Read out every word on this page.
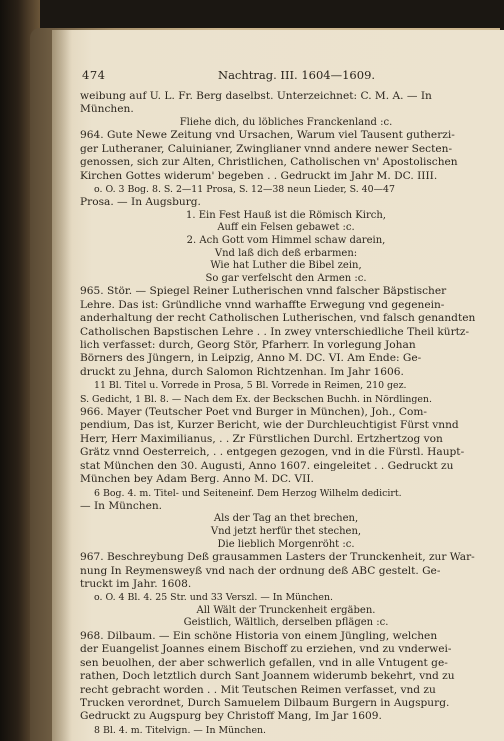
474	Nachtrag. III. 1604—1609.
weibung auf U. L. Fr. Berg daselbst. Unterzeichnet: C. M. A. — In
München.
Fliehe dich, du löbliches Franckenland :c.
964. Gute Newe Zeitung vnd Ursachen, Warum viel Tausent gutherzi-
ger Lutheraner, Caluinianer, Zwinglianer vnnd andere newer Secten-
genossen, sich zur Alten, Christlichen, Catholischen vn' Apostolischen
Kirchen Gottes widerum' begeben . . Gedruckt im Jahr M. DC. IIII.
o. O. 3 Bog. 8. S. 2—11 Prosa, S. 12—38 neun Lieder, S. 40—47
Prosa. — In Augsburg.
1. Ein Fest Hauß ist die Römisch Kirch,
Auff ein Felsen gebawet :c.
2. Ach Gott vom Himmel schaw darein,
Vnd laß dich deß erbarmen:
Wie hat Luther die Bibel zein,
So gar verfelscht den Armen :c.
965. Stör. — Spiegel Reiner Lutherischen vnnd falscher Bäpstischer
Lehre. Das ist: Gründliche vnnd warhaffte Erwegung vnd gegenein-
anderhaltung der recht Catholischen Lutherischen, vnd falsch genandten
Catholischen Bapstischen Lehre . . In zwey vnterschiedliche Theil kürtz-
lich verfasset: durch, Georg Stör, Pfarherr. In vorlegung Johan
Börners des Jüngern, in Leipzig, Anno M. DC. VI. Am Ende: Ge-
druckt zu Jehna, durch Salomon Richtzenhan. Im Jahr 1606.
11 Bl. Titel u. Vorrede in Prosa, 5 Bl. Vorrede in Reimen, 210 gez.
S. Gedicht, 1 Bl. 8. — Nach dem Ex. der Beckschen Buchh. in Nördlingen.
966. Mayer (Teutscher Poet vnd Burger in München), Joh., Com-
pendium, Das ist, Kurzer Bericht, wie der Durchleuchtigist Fürst vnnd
Herr, Herr Maximilianus, . . Zr Fürstlichen Durchl. Ertzhertzog von
Grätz vnnd Oesterreich, . . entgegen gezogen, vnd in die Fürstl. Haupt-
stat München den 30. Augusti, Anno 1607. eingeleitet . . Gedruckt zu
München bey Adam Berg. Anno M. DC. VII.
6 Bog. 4. m. Titel- und Seiteneinf. Dem Herzog Wilhelm dedicirt.
— In München.
Als der Tag an thet brechen,
Vnd jetzt herfür thet stechen,
Die lieblich Morgenröht :c.
967. Beschreybung Deß grausammen Lasters der Trunckenheit, zur War-
nung In Reymensweyß vnd nach der ordnung deß ABC gestelt. Ge-
truckt im Jahr. 1608.
o. O. 4 Bl. 4. 25 Str. und 33 Verszl. — In München.
All Wält der Trunckenheit ergäben.
Geistlich, Wältlich, derselben pflägen :c.
968. Dilbaum. — Ein schöne Historia von einem Jüngling, welchen
der Euangelist Joannes einem Bischoff zu erziehen, vnd zu vnderwei-
sen beuolhen, der aber schwerlich gefallen, vnd in alle Vntugent ge-
rathen, Doch letztlich durch Sant Joannem widerumb bekehrt, vnd zu
recht gebracht worden . . Mit Teutschen Reimen verfasset, vnd zu
Trucken verordnet, Durch Samuelem Dilbaum Burgern in Augspurg.
Gedruckt zu Augspurg bey Christoff Mang, Im Jar 1609.
8 Bl. 4. m. Titelvign. — In München.
